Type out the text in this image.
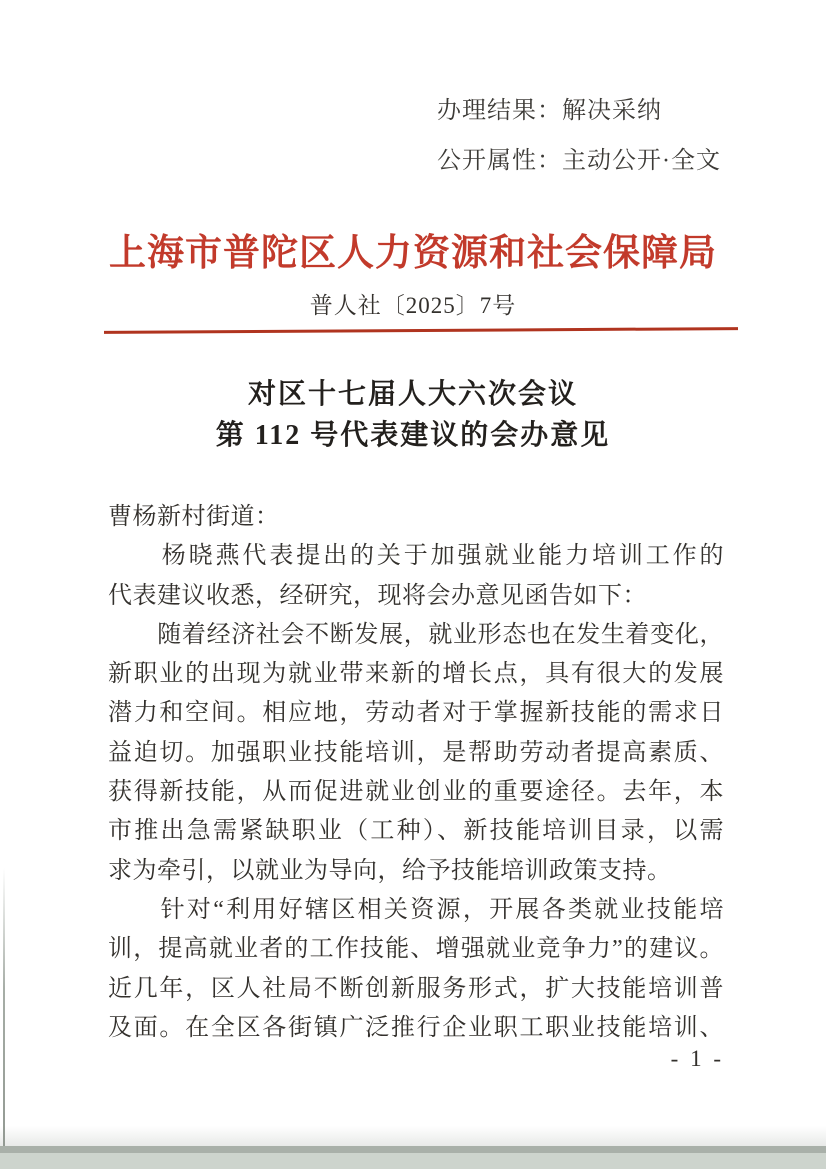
办理结果：解决采纳
公开属性：主动公开·全文
上海市普陀区人力资源和社会保障局
普人社〔2025〕7号
对区十七届人大六次会议
第 112 号代表建议的会办意见
曹杨新村街道：
　　杨晓燕代表提出的关于加强就业能力培训工作的
代表建议收悉，经研究，现将会办意见函告如下：
　　随着经济社会不断发展，就业形态也在发生着变化，
新职业的出现为就业带来新的增长点，具有很大的发展
潜力和空间。相应地，劳动者对于掌握新技能的需求日
益迫切。加强职业技能培训，是帮助劳动者提高素质、
获得新技能，从而促进就业创业的重要途径。去年，本
市推出急需紧缺职业（工种）、新技能培训目录，以需
求为牵引，以就业为导向，给予技能培训政策支持。
　　针对“利用好辖区相关资源，开展各类就业技能培
训，提高就业者的工作技能、增强就业竞争力”的建议。
近几年，区人社局不断创新服务形式，扩大技能培训普
及面。在全区各街镇广泛推行企业职工职业技能培训、
- 1 -
